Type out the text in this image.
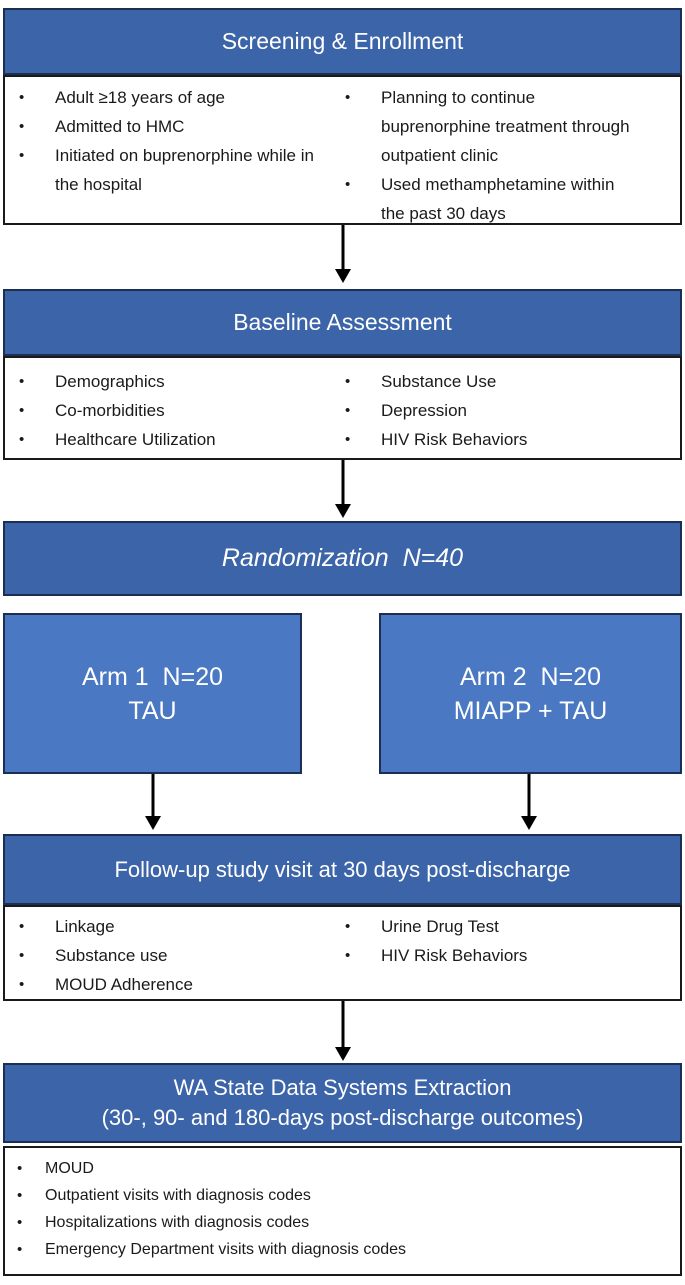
Screening & Enrollment
• Adult ≥18 years of age
• Admitted to HMC
• Initiated on buprenorphine while in the hospital
• Planning to continue buprenorphine treatment through outpatient clinic
• Used methamphetamine within the past 30 days
Baseline Assessment
• Demographics
• Co-morbidities
• Healthcare Utilization
• Substance Use
• Depression
• HIV Risk Behaviors
Randomization N=40
Arm 1  N=20
TAU
Arm 2  N=20
MIAPP + TAU
Follow-up study visit at 30 days post-discharge
• Linkage
• Substance use
• MOUD Adherence
• Urine Drug Test
• HIV Risk Behaviors
WA State Data Systems Extraction
(30-, 90- and 180-days post-discharge outcomes)
• MOUD
• Outpatient visits with diagnosis codes
• Hospitalizations with diagnosis codes
• Emergency Department visits with diagnosis codes
